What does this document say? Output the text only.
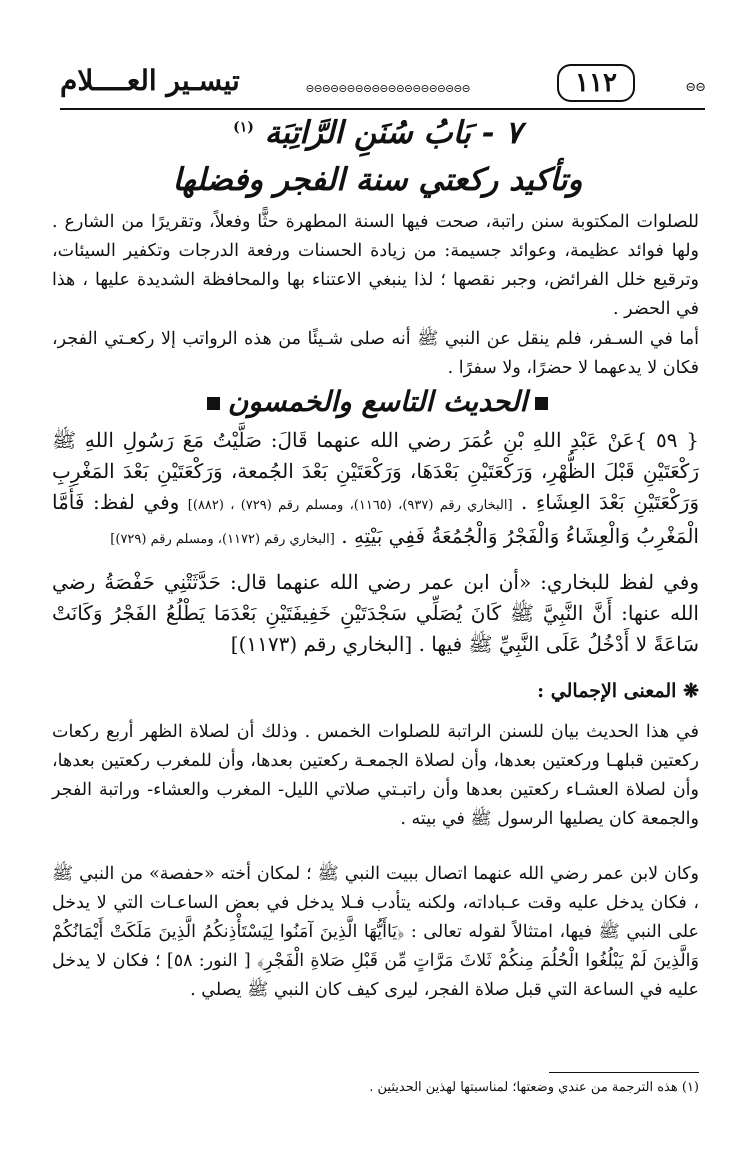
⊝⊝
١١٢
⊝⊝⊝⊝⊝⊝⊝⊝⊝⊝⊝⊝⊝⊝⊝⊝⊝⊝⊝⊝
تيسـير العــــلام
٧ - بَابُ سُنَنِ الرَّاتِبَة $^{(١)}$
وتأكيد ركعتي سنة الفجر وفضلها
للصلوات المكتوبة سنن راتبة، صحت فيها السنة المطهرة حثًّا وفعلاً، وتقريرًا من الشارع . ولها فوائد عظيمة، وعوائد جسيمة: من زيادة الحسنات ورفعة الدرجات وتكفير السيئات، وترقيع خلل الفرائض، وجبر نقصها ؛ لذا ينبغي الاعتناء بها والمحافظة الشديدة عليها ، هذا في الحضر .
أما في السـفر، فلم ينقل عن النبي ﷺ أنه صلى شـيئًا من هذه الرواتب إلا ركعـتي الفجر، فكان لا يدعهما لا حضرًا، ولا سفرًا .
الحديث التاسع والخمسون
{ ٥٩ }عَنْ عَبْدِ اللهِ بْنِ عُمَرَ رضي الله عنهما قَالَ: صَلَّيْتُ مَعَ رَسُولِ اللهِ ﷺ رَكْعَتَيْنِ قَبْلَ الظُّهْرِ، وَرَكْعَتَيْنِ بَعْدَهَا، وَرَكْعَتَيْنِ بَعْدَ الجُمعة، وَرَكْعَتَيْنِ بَعْدَ المَغْرِبِ وَرَكْعَتَيْنِ بَعْدَ العِشَاءِ . [البخاري رقم (٩٣٧)، (١١٦٥)، ومسلم رقم (٧٢٩) ، (٨٨٢)] وفي لفظ: فَأَمَّا الْمَغْرِبُ وَالْعِشَاءُ وَالْفَجْرُ وَالْجُمُعَةُ فَفِي بَيْتِهِ . [البخاري رقم (١١٧٢)، ومسلم رقم (٧٢٩)]
وفي لفظ للبخاري: «أن ابن عمر رضي الله عنهما قال: حَدَّثَتْنِي حَفْصَةُ رضي الله عنها: أَنَّ النَّبِيَّ ﷺ كَانَ يُصَلِّي سَجْدَتَيْنِ خَفِيفَتَيْنِ بَعْدَمَا يَطْلُعُ الفَجْرُ وَكَانَتْ سَاعَةً لا أَدْخُلُ عَلَى النَّبِيِّ ﷺ فيها . [البخاري رقم (١١٧٣)]
❋ المعنى الإجمالي :
في هذا الحديث بيان للسنن الراتبة للصلوات الخمس . وذلك أن لصلاة الظهر أربع ركعات ركعتين قبلهـا وركعتين بعدها، وأن لصلاة الجمعـة ركعتين بعدها، وأن للمغرب ركعتين بعدها، وأن لصلاة العشـاء ركعتين بعدها وأن راتبـتي صلاتي الليل- المغرب والعشاء- وراتبة الفجر والجمعة كان يصليها الرسول ﷺ في بيته .
وكان لابن عمر رضي الله عنهما اتصال ببيت النبي ﷺ ؛ لمكان أخته «حفصة» من النبي ﷺ ، فكان يدخل عليه وقت عـباداته، ولكنه يتأدب فـلا يدخل في بعض الساعـات التي لا يدخل على النبي ﷺ فيها، امتثالاً لقوله تعالى : ﴿يَاأَيُّهَا الَّذِينَ آمَنُوا لِيَسْتَأْذِنكُمُ الَّذِينَ مَلَكَتْ أَيْمَانُكُمْ وَالَّذِينَ لَمْ يَبْلُغُوا الْحُلُمَ مِنكُمْ ثَلاثَ مَرَّاتٍ مِّن قَبْلِ صَلاةِ الْفَجْرِ﴾ [ النور: ٥٨] ؛ فكان لا يدخل عليه في الساعة التي قبل صلاة الفجر، ليرى كيف كان النبي ﷺ يصلي .
(١) هذه الترجمة من عندي وضعتها؛ لمناسبتها لهذين الحديثين .
